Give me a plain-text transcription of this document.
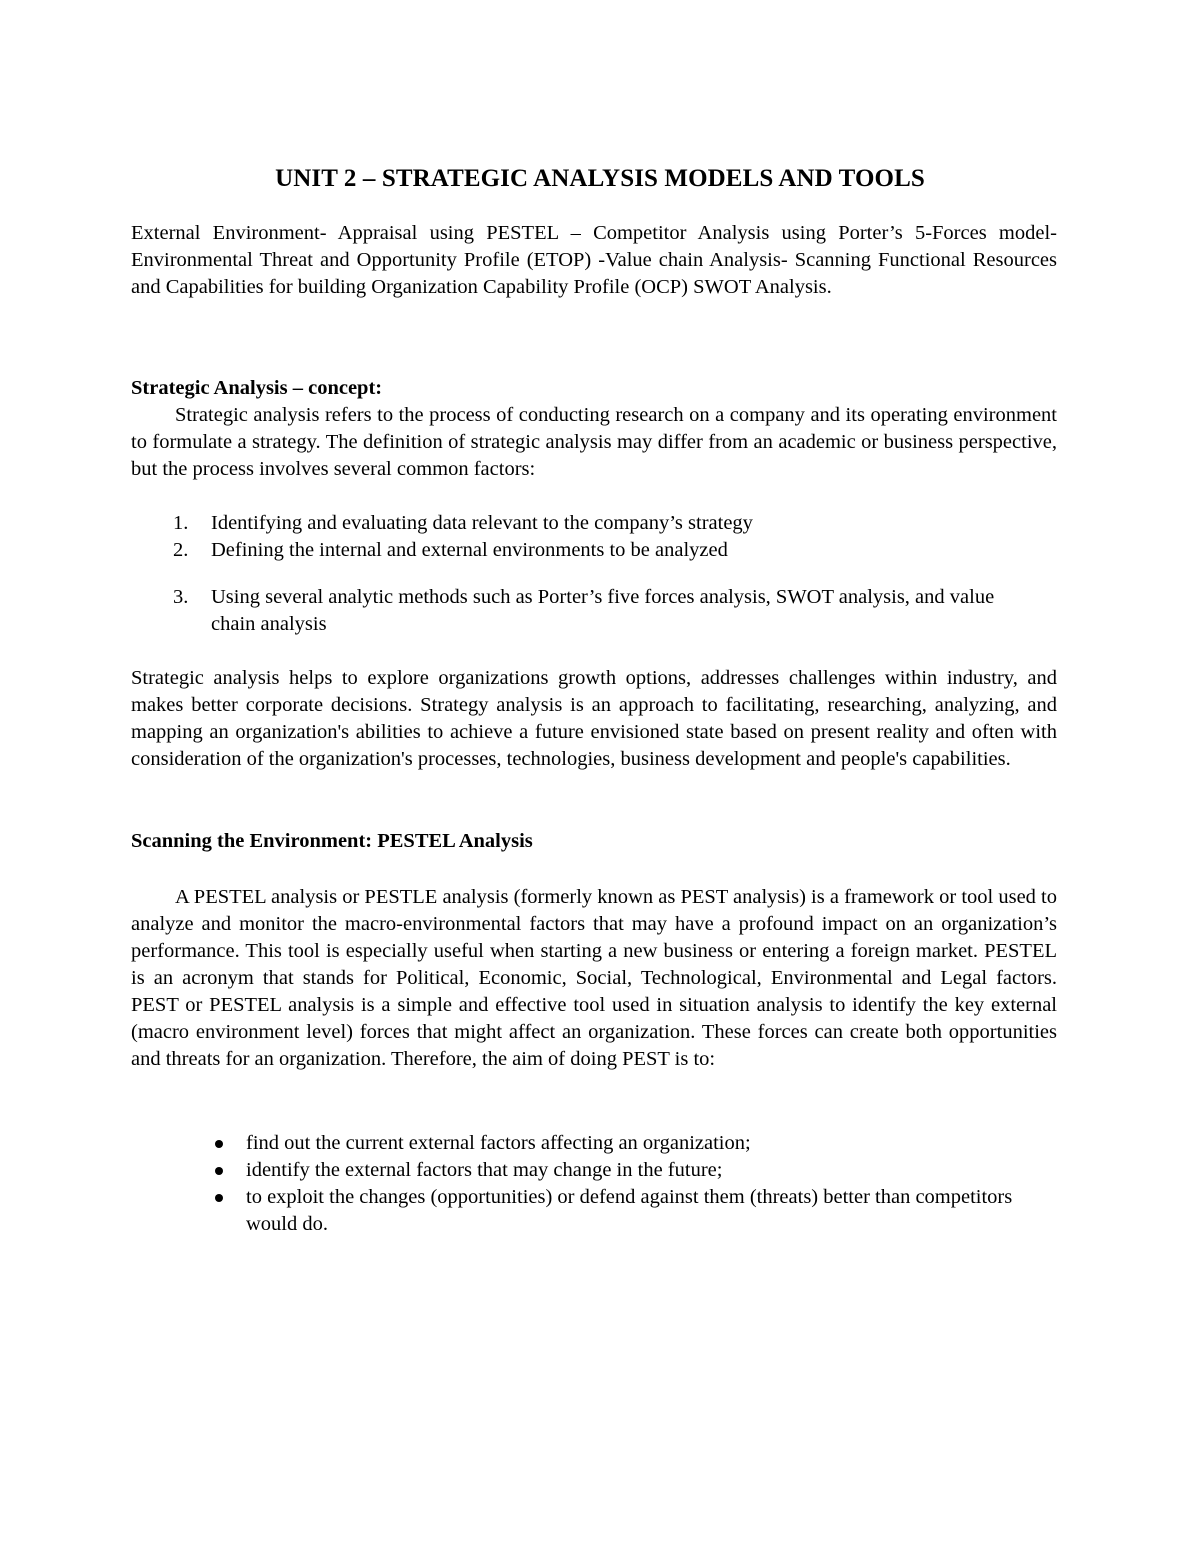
UNIT 2 – STRATEGIC ANALYSIS MODELS AND TOOLS

External Environment- Appraisal using PESTEL – Competitor Analysis using Porter’s 5-Forces model-Environmental Threat and Opportunity Profile (ETOP) -Value chain Analysis- Scanning Functional Resources and Capabilities for building Organization Capability Profile (OCP) SWOT Analysis.

Strategic Analysis – concept:

Strategic analysis refers to the process of conducting research on a company and its operating environment to formulate a strategy. The definition of strategic analysis may differ from an academic or business perspective, but the process involves several common factors:

1.	Identifying and evaluating data relevant to the company’s strategy
2.	Defining the internal and external environments to be analyzed
3.	Using several analytic methods such as Porter’s five forces analysis, SWOT analysis, and value chain analysis

Strategic analysis helps to explore organizations growth options, addresses challenges within industry, and makes better corporate decisions. Strategy analysis is an approach to facilitating, researching, analyzing, and mapping an organization's abilities to achieve a future envisioned state based on present reality and often with consideration of the organization's processes, technologies, business development and people's capabilities.

Scanning the Environment: PESTEL Analysis

A PESTEL analysis or PESTLE analysis (formerly known as PEST analysis) is a framework or tool used to analyze and monitor the macro-environmental factors that may have a profound impact on an organization’s performance. This tool is especially useful when starting a new business or entering a foreign market. PESTEL is an acronym that stands for Political, Economic, Social, Technological, Environmental and Legal factors. PEST or PESTEL analysis is a simple and effective tool used in situation analysis to identify the key external (macro environment level) forces that might affect an organization. These forces can create both opportunities and threats for an organization. Therefore, the aim of doing PEST is to:

find out the current external factors affecting an organization;
identify the external factors that may change in the future;
to exploit the changes (opportunities) or defend against them (threats) better than competitors would do.
